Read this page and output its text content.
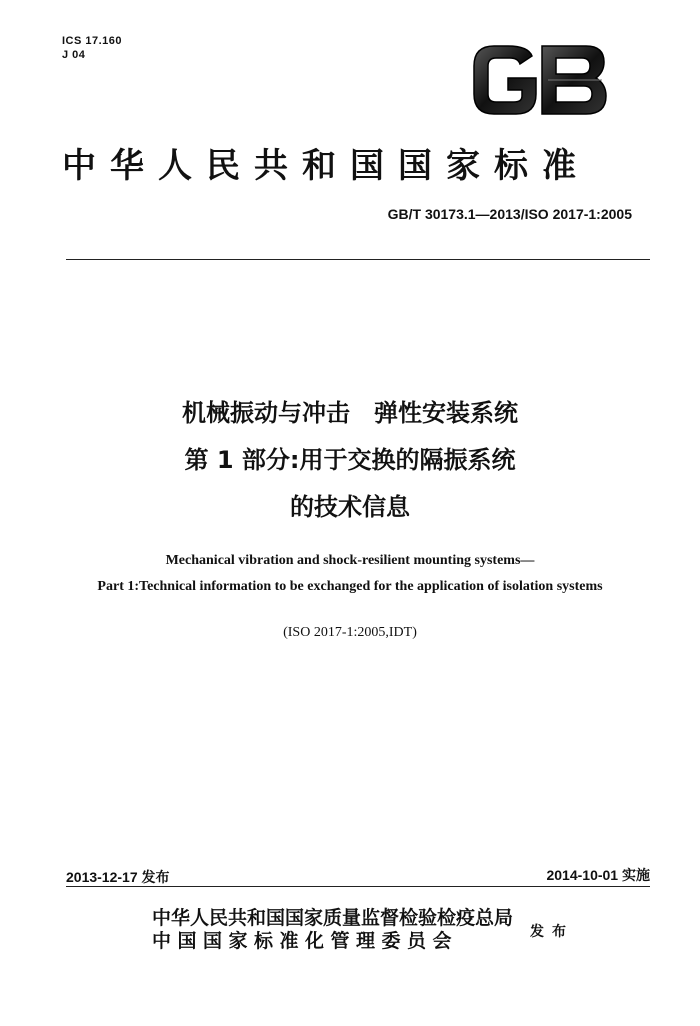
ICS 17.160
J 04
中华人民共和国国家标准
GB/T 30173.1—2013/ISO 2017-1:2005
机械振动与冲击　弹性安装系统
第 1 部分:用于交换的隔振系统
的技术信息
Mechanical vibration and shock-resilient mounting systems—
Part 1:Technical information to be exchanged for the application of isolation systems
(ISO 2017-1:2005,IDT)
2013-12-17 发布	2014-10-01 实施
中华人民共和国国家质量监督检验检疫总局
中国国家标准化管理委员会	发布
